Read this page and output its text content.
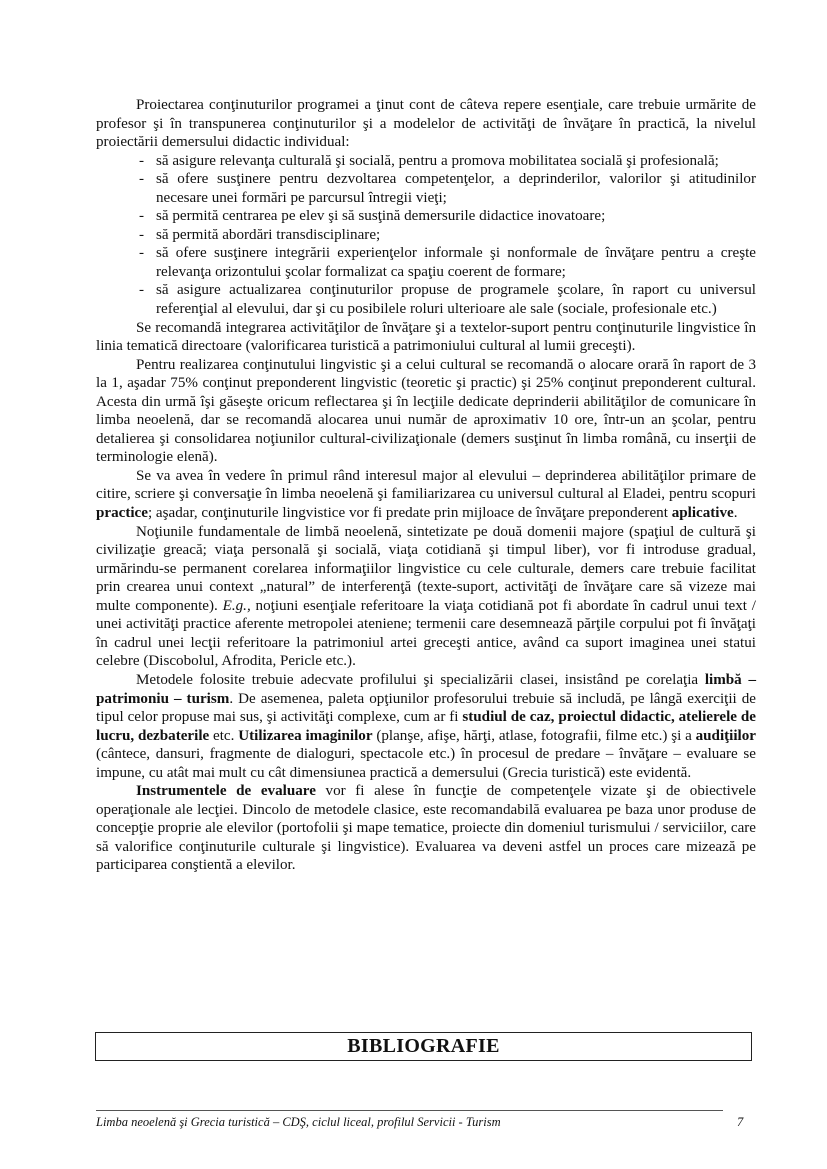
Proiectarea conţinuturilor programei a ţinut cont de câteva repere esenţiale, care trebuie urmărite de profesor şi în transpunerea conţinuturilor şi a modelelor de activităţi de învăţare în practică, la nivelul proiectării demersului didactic individual:

- să asigure relevanţa culturală şi socială, pentru a promova mobilitatea socială şi profesională;
- să ofere susţinere pentru dezvoltarea competenţelor, a deprinderilor, valorilor şi atitudinilor necesare unei formări pe parcursul întregii vieţi;
- să permită centrarea pe elev şi să susţină demersurile didactice inovatoare;
- să permită abordări transdisciplinare;
- să ofere susţinere integrării experienţelor informale şi nonformale de învăţare pentru a creşte relevanţa orizontului şcolar formalizat ca spaţiu coerent de formare;
- să asigure actualizarea conţinuturilor propuse de programele şcolare, în raport cu universul referenţial al elevului, dar şi cu posibilele roluri ulterioare ale sale (sociale, profesionale etc.)

Se recomandă integrarea activităţilor de învăţare şi a textelor-suport pentru conţinuturile lingvistice în linia tematică directoare (valorificarea turistică a patrimoniului cultural al lumii greceşti).

Pentru realizarea conţinutului lingvistic şi a celui cultural se recomandă o alocare orară în raport de 3 la 1, aşadar 75% conţinut preponderent lingvistic (teoretic şi practic) şi 25% conţinut preponderent cultural. Acesta din urmă îşi găseşte oricum reflectarea şi în lecţiile dedicate deprinderii abilităţilor de comunicare în limba neoelenă, dar se recomandă alocarea unui număr de aproximativ 10 ore, într-un an şcolar, pentru detalierea şi consolidarea noţiunilor cultural-civilizaţionale (demers susţinut în limba română, cu inserţii de terminologie elenă).

Se va avea în vedere în primul rând interesul major al elevului – deprinderea abilităţilor primare de citire, scriere şi conversaţie în limba neoelenă şi familiarizarea cu universul cultural al Eladei, pentru scopuri practice; aşadar, conţinuturile lingvistice vor fi predate prin mijloace de învăţare preponderent aplicative.

Noţiunile fundamentale de limbă neoelenă, sintetizate pe două domenii majore (spaţiul de cultură şi civilizaţie greacă; viaţa personală şi socială, viaţa cotidiană şi timpul liber), vor fi introduse gradual, urmărindu-se permanent corelarea informaţiilor lingvistice cu cele culturale, demers care trebuie facilitat prin crearea unui context „natural” de interferenţă (texte-suport, activităţi de învăţare care să vizeze mai multe componente). E.g., noţiuni esenţiale referitoare la viaţa cotidiană pot fi abordate în cadrul unui text / unei activităţi practice aferente metropolei ateniene; termenii care desemnează părţile corpului pot fi învăţaţi în cadrul unei lecţii referitoare la patrimoniul artei greceşti antice, având ca suport imaginea unei statui celebre (Discobolul, Afrodita, Pericle etc.).

Metodele folosite trebuie adecvate profilului şi specializării clasei, insistând pe corelaţia limbă – patrimoniu – turism. De asemenea, paleta opţiunilor profesorului trebuie să includă, pe lângă exerciţii de tipul celor propuse mai sus, şi activităţi complexe, cum ar fi studiul de caz, proiectul didactic, atelierele de lucru, dezbaterile etc. Utilizarea imaginilor (planşe, afişe, hărţi, atlase, fotografii, filme etc.) şi a audiţiilor (cântece, dansuri, fragmente de dialoguri, spectacole etc.) în procesul de predare – învăţare – evaluare se impune, cu atât mai mult cu cât dimensiunea practică a demersului (Grecia turistică) este evidentă.

Instrumentele de evaluare vor fi alese în funcţie de competenţele vizate şi de obiectivele operaţionale ale lecţiei. Dincolo de metodele clasice, este recomandabilă evaluarea pe baza unor produse de concepţie proprie ale elevilor (portofolii şi mape tematice, proiecte din domeniul turismului / serviciilor, care să valorifice conţinuturile culturale şi lingvistice). Evaluarea va deveni astfel un proces care mizează pe participarea conştientă a elevilor.

BIBLIOGRAFIE
Limba neoelenă şi Grecia turistică – CDŞ, ciclul liceal, profilul Servicii - Turism	7
